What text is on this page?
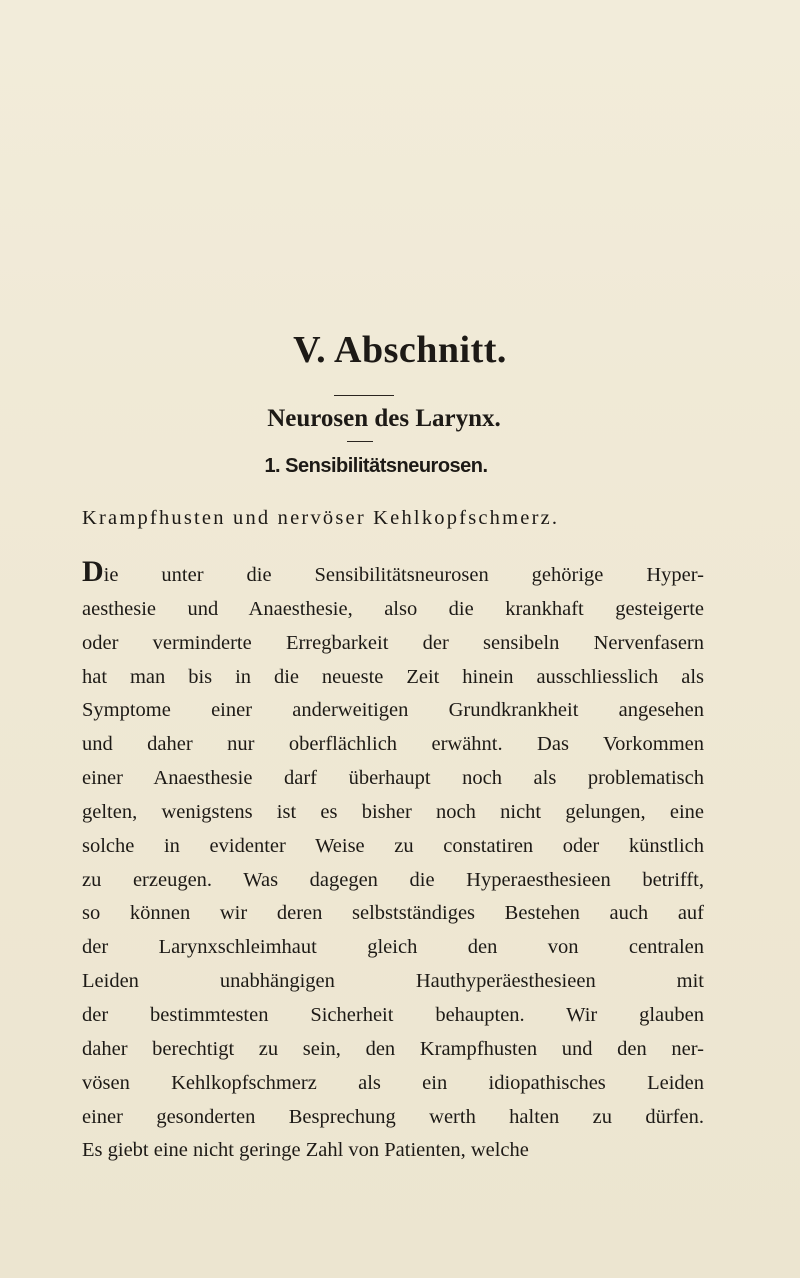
V. Abschnitt.
Neurosen des Larynx.
1. Sensibilitätsneurosen.

Krampfhusten und nervöser Kehlkopfschmerz.

Die unter die Sensibilitätsneurosen gehörige Hyper-
aesthesie und Anaesthesie, also die krankhaft gesteigerte
oder verminderte Erregbarkeit der sensibeln Nervenfasern
hat man bis in die neueste Zeit hinein ausschliesslich als
Symptome einer anderweitigen Grundkrankheit angesehen
und daher nur oberflächlich erwähnt. Das Vorkommen
einer Anaesthesie darf überhaupt noch als problematisch
gelten, wenigstens ist es bisher noch nicht gelungen, eine
solche in evidenter Weise zu constatiren oder künstlich
zu erzeugen. Was dagegen die Hyperaesthesieen betrifft,
so können wir deren selbstständiges Bestehen auch auf
der Larynxschleimhaut gleich den von centralen
Leiden unabhängigen Hauthyperäesthesieen mit
der bestimmtesten Sicherheit behaupten. Wir glauben
daher berechtigt zu sein, den Krampfhusten und den ner-
vösen Kehlkopfschmerz als ein idiopathisches Leiden
einer gesonderten Besprechung werth halten zu dürfen.
Es giebt eine nicht geringe Zahl von Patienten, welche
